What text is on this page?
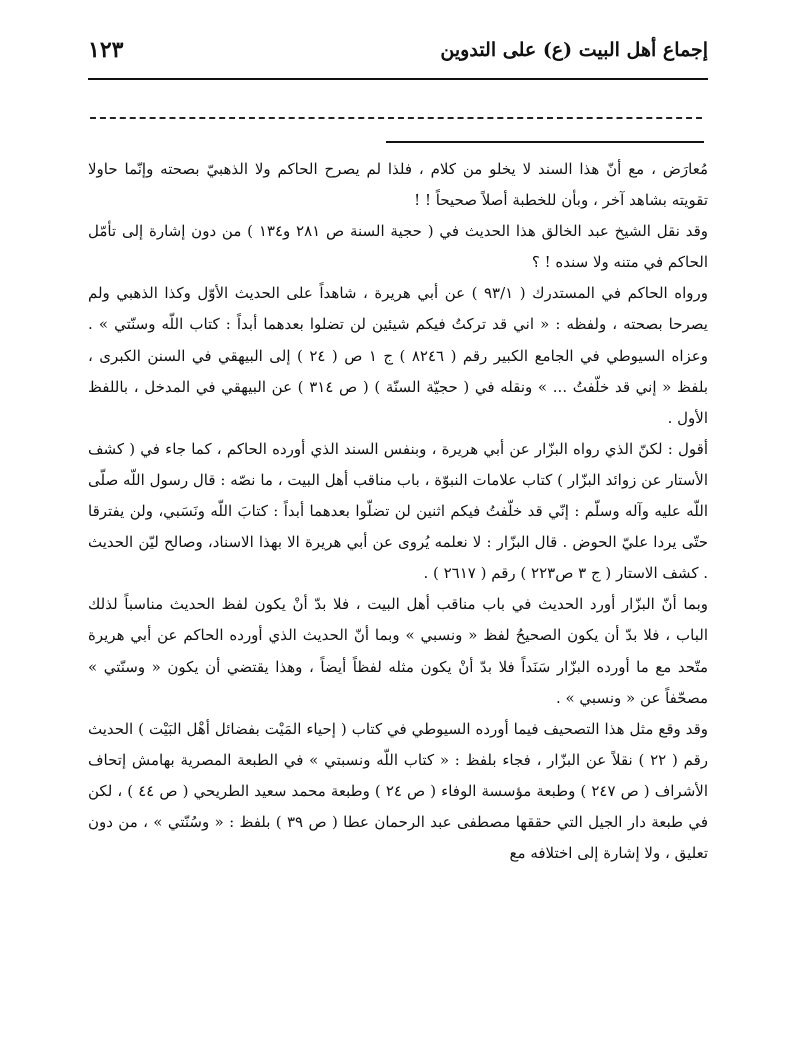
إجماع أهل البيت (ع) على التدوين
١٢٣

مُعارَض ، مع أنّ هذا السند لا يخلو من كلام ، فلذا لم يصرح الحاكم ولا الذهبيّ بصحته وإنّما حاولا تقويته بشاهد آخر ، وبأن للخطبة أصلاً صحيحاً ! !

وقد نقل الشيخ عبد الخالق هذا الحديث في ( حجية السنة ص ٢٨١ و١٣٤ ) من دون إشارة إلى تأمّل الحاكم في متنه ولا سنده ! ؟

ورواه الحاكم في المستدرك ( ٩٣/١ ) عن أبي هريرة ، شاهداً على الحديث الأوّل وكذا الذهبي ولم يصرحا بصحته ، ولفظه : « اني قد تركتُ فيكم شيئين لن تضلوا بعدهما أبداً : كتاب اللّه وسنّتي » . وعزاه السيوطي في الجامع الكبير رقم ( ٨٢٤٦ ) ج ١ ص ( ٢٤ ) إلى البيهقي في السنن الكبرى ، بلفظ « إني قد خلّفتُ ... » ونقله في ( حجيّة السنّة ) ( ص ٣١٤ ) عن البيهقي في المدخل ، باللفظ الأول .

أقول : لكنّ الذي رواه البزّار عن أبي هريرة ، وبنفس السند الذي أورده الحاكم ، كما جاء في ( كشف الأستار عن زوائد البزّار ) كتاب علامات النبوّة ، باب مناقب أهل البيت ، ما نصّه : قال رسول اللّه صلّى اللّه عليه وآله وسلّم : إنّي قد خلّفتُ فيكم اثنين لن تضلّوا بعدهما أبداً : كتابَ اللّه ونَسَبي، ولن يفترقا حتّى يردا عليّ الحوض . قال البزّار : لا نعلمه يُروى عن أبي هريرة الا بهذا الاسناد، وصالح ليّن الحديث . كشف الاستار ( ج ٣ ص٢٢٣ ) رقم ( ٢٦١٧ ) .

وبما أنّ البزّار أورد الحديث في باب مناقب أهل البيت ، فلا بدّ أنْ يكون لفظ الحديث مناسباً لذلك الباب ، فلا بدّ أن يكون الصحيحُ لفظ « ونسبي » وبما أنّ الحديث الذي أورده الحاكم عن أبي هريرة متّحد مع ما أورده البزّار سَنَداً فلا بدّ أنْ يكون مثله لفظاً أيضاً ، وهذا يقتضي أن يكون « وسنّتي » مصحّفاً عن « ونسبي » .

وقد وقع مثل هذا التصحيف فيما أورده السيوطي في كتاب ( إحياء المَيْت بفضائل أهْل البَيْت ) الحديث رقم ( ٢٢ ) نقلاً عن البزّار ، فجاء بلفظ : « كتاب اللّه ونسبتي » في الطبعة المصرية بهامش إتحاف الأشراف ( ص ٢٤٧ ) وطبعة مؤسسة الوفاء ( ص ٢٤ ) وطبعة محمد سعيد الطريحي ( ص ٤٤ ) ، لكن في طبعة دار الجيل التي حققها مصطفى عبد الرحمان عطا ( ص ٣٩ ) بلفظ : « وسُنّتي » ، من دون تعليق ، ولا إشارة إلى اختلافه مع
